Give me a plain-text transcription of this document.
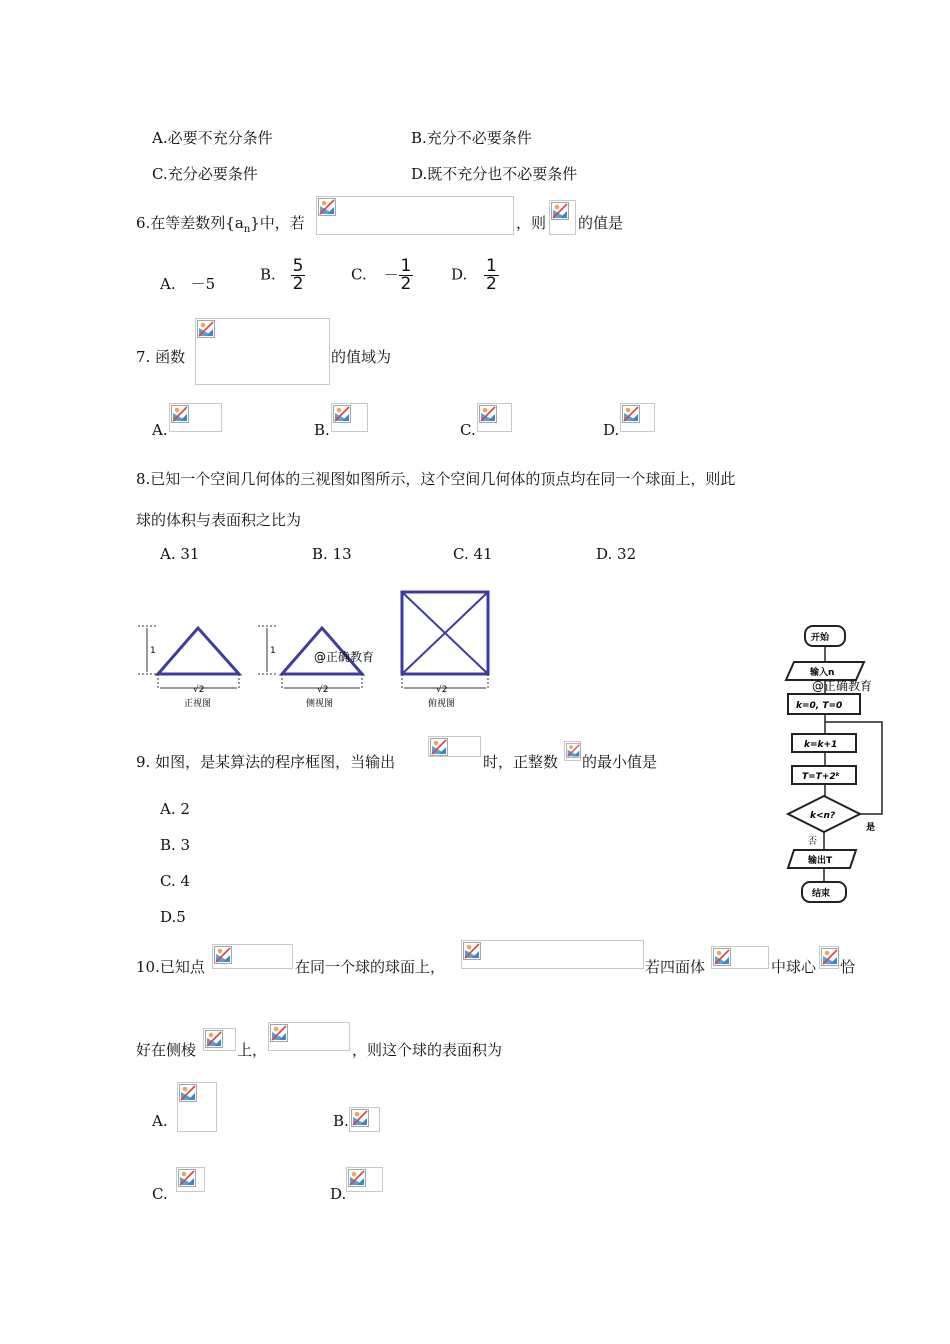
A.必要不充分条件	B.充分不必要条件
C.充分必要条件	D.既不充分也不必要条件
6.在等差数列$\{a_n\}$中，若	，则 的值是
A.　－5
B. $\frac{5}{2}$	C. － $\frac{1}{2}$	D. $\frac{1}{2}$
7. 函数	的值域为
A.	B.	C.	D.
8.已知一个空间几何体的三视图如图所示，这个空间几何体的顶点均在同一个球面上，则此
球的体积与表面积之比为
A. 31	B. 13	C. 41	D. 32
1
√2
正视图
1
√2
侧视图
@正确教育
√2
俯视图
开始
输入n
k=0, T=0
k=k+1
T=T+2ᵏ
k<n?
是
否
输出T
结束
@正确教育
9. 如图，是某算法的程序框图，当输出	时，正整数 的最小值是
A. 2
B. 3
C. 4
D.5
10.已知点	在同一个球的球面上，	若四面体	中球心 恰
好在侧棱	上，	，则这个球的表面积为
A.	B.
C.	D.
